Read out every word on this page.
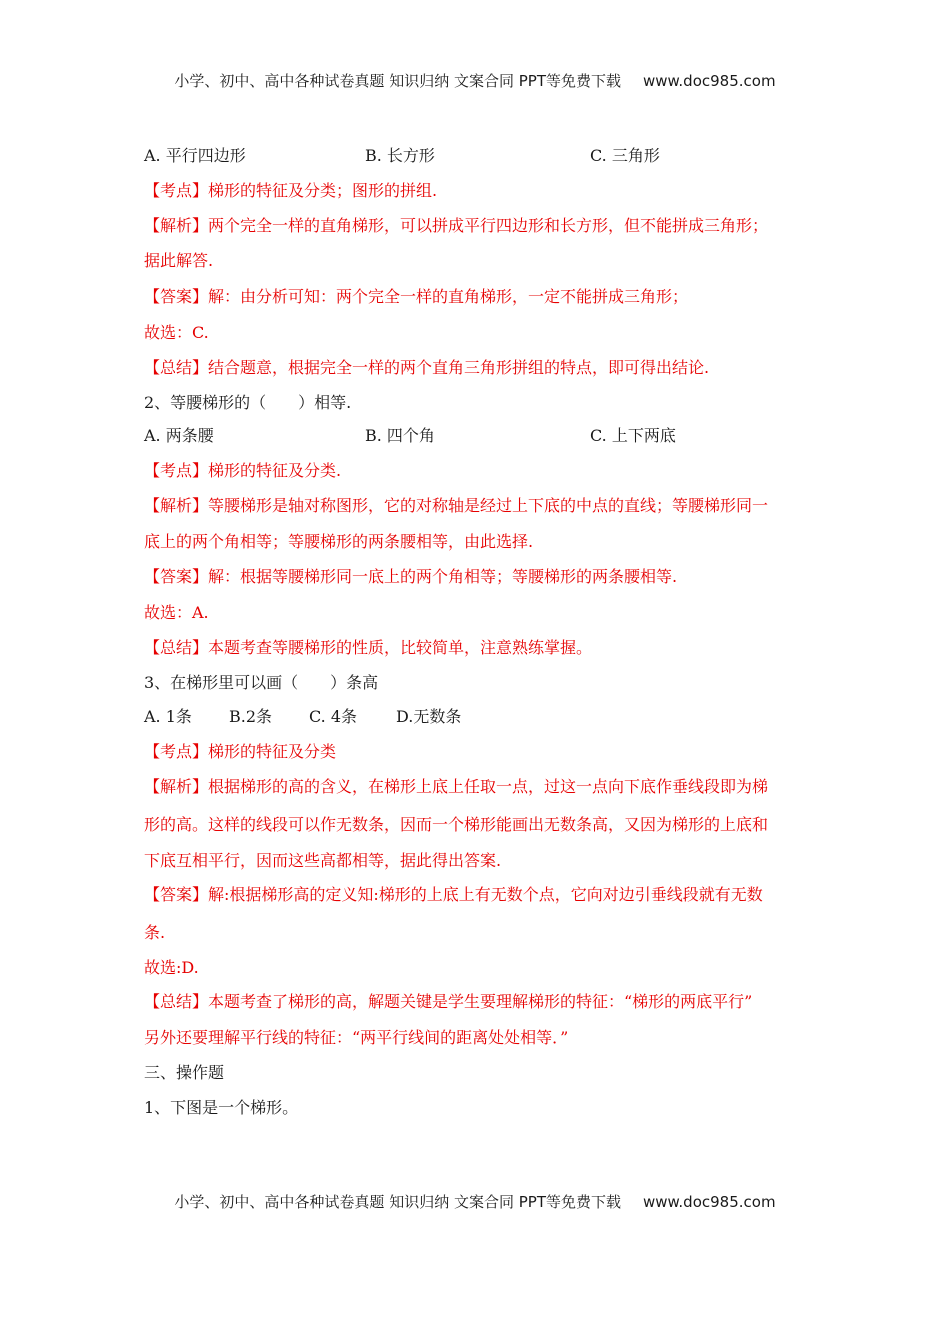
小学、初中、高中各种试卷真题 知识归纳 文案合同 PPT等免费下载 www.doc985.com
A. 平行四边形	B. 长方形	C. 三角形
【考点】梯形的特征及分类；图形的拼组.
【解析】两个完全一样的直角梯形，可以拼成平行四边形和长方形，但不能拼成三角形；
据此解答.
【答案】解：由分析可知：两个完全一样的直角梯形，一定不能拼成三角形；
故选：C.
【总结】结合题意，根据完全一样的两个直角三角形拼组的特点，即可得出结论.
2、等腰梯形的（　　）相等.
A. 两条腰	B. 四个角	C. 上下两底
【考点】梯形的特征及分类.
【解析】等腰梯形是轴对称图形，它的对称轴是经过上下底的中点的直线；等腰梯形同一
底上的两个角相等；等腰梯形的两条腰相等，由此选择.
【答案】解：根据等腰梯形同一底上的两个角相等；等腰梯形的两条腰相等.
故选：A.
【总结】本题考查等腰梯形的性质，比较简单，注意熟练掌握。
3、在梯形里可以画（　　）条高
A. 1条 B.2条 C. 4条 D.无数条
【考点】梯形的特征及分类
【解析】根据梯形的高的含义，在梯形上底上任取一点，过这一点向下底作垂线段即为梯
形的高。这样的线段可以作无数条，因而一个梯形能画出无数条高，又因为梯形的上底和
下底互相平行，因而这些高都相等，据此得出答案.
【答案】解:根据梯形高的定义知:梯形的上底上有无数个点，它向对边引垂线段就有无数
条.
故选:D.
【总结】本题考查了梯形的高，解题关键是学生要理解梯形的特征：“梯形的两底平行”
另外还要理解平行线的特征：“两平行线间的距离处处相等．”
三、操作题
1、下图是一个梯形。
小学、初中、高中各种试卷真题 知识归纳 文案合同 PPT等免费下载 www.doc985.com
